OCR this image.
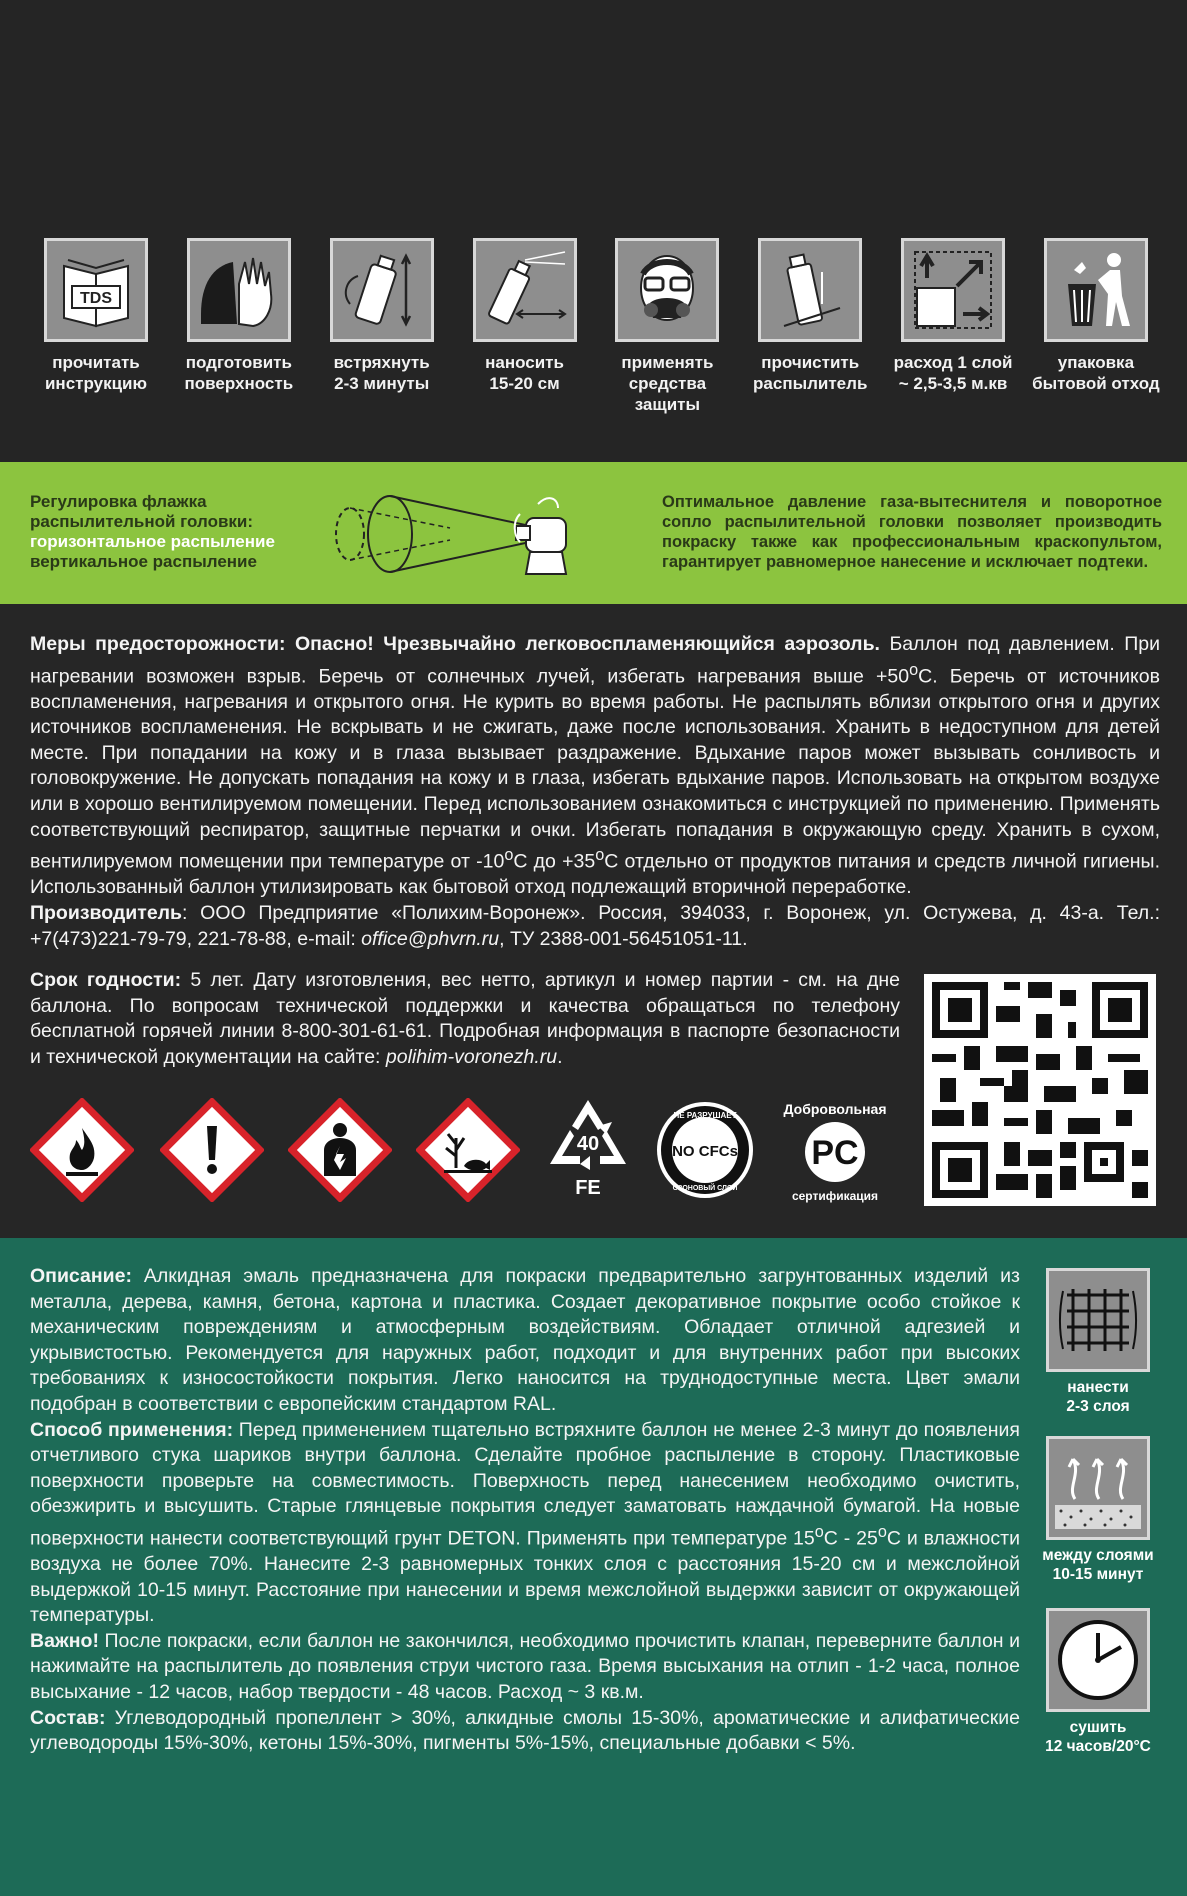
TDS
прочитать
инструкцию
подготовить
поверхность
встряхнуть
2-3 минуты
наносить
15-20 см
применять
средства защиты
прочистить
распылитель
расход 1 слой
~ 2,5-3,5 м.кв
упаковка
бытовой отход
Регулировка флажка
распылительной головки:
горизонтальное распыление
вертикальное распыление
Оптимальное давление газа-вытеснителя и поворотное сопло распылительной головки позволяет производить покраску также как профессиональным краскопультом, гарантирует равномерное нанесение и исключает подтеки.
Меры предосторожности: Опасно! Чрезвычайно легковоспламеняющийся аэрозоль. Баллон под давлением. При нагревании возможен взрыв. Беречь от солнечных лучей, избегать нагревания выше $+50^oС$. Беречь от источников воспламенения, нагревания и открытого огня. Не курить во время работы. Не распылять вблизи открытого огня и других источников воспламенения. Не вскрывать и не сжигать, даже после использования. Хранить в недоступном для детей месте. При попадании на кожу и в глаза вызывает раздражение. Вдыхание паров может вызывать сонливость и головокружение. Не допускать попадания на кожу и в глаза, избегать вдыхание паров. Использовать на открытом воздухе или в хорошо вентилируемом помещении. Перед использованием ознакомиться с инструкцией по применению. Применять соответствующий респиратор, защитные перчатки и очки. Избегать попадания в окружающую среду. Хранить в сухом, вентилируемом помещении при температуре от -10$^o$С до $+35^oС$ отдельно от продуктов питания и средств личной гигиены. Использованный баллон утилизировать как бытовой отход подлежащий вторичной переработке.
Производитель: ООО Предприятие «Полихим-Воронеж». Россия, 394033, г. Воронеж, ул. Остужева, д. 43-а. Тел.: +7(473)221-79-79, 221-78-88, e-mail: office@phvrn.ru, ТУ 2388-001-56451051-11.
Срок годности: 5 лет. Дату изготовления, вес нетто, артикул и номер партии - см. на дне баллона. По вопросам технической поддержки и качества обращаться по телефону бесплатной горячей линии 8-800-301-61-61. Подробная информация в паспорте безопасности и технической документации на сайте: polihim-voronezh.ru.
40
FE
NO CFCs
НЕ РАЗРУШАЕТ
ОЗОНОВЫЙ СЛОЙ
PC
Добровольная
сертификация
Описание: Алкидная эмаль предназначена для покраски предварительно загрунтованных изделий из металла, дерева, камня, бетона, картона и пластика. Создает декоративное покрытие особо стойкое к механическим повреждениям и атмосферным воздействиям. Обладает отличной адгезией и укрывистостью. Рекомендуется для наружных работ, подходит и для внутренних работ при высоких требованиях к износостойкости покрытия. Легко наносится на труднодоступные места. Цвет эмали подобран в соответствии с европейским стандартом RAL.
Способ применения: Перед применением тщательно встряхните баллон не менее 2-3 минут до появления отчетливого стука шариков внутри баллона. Сделайте пробное распыление в сторону. Пластиковые поверхности проверьте на совместимость. Поверхность перед нанесением необходимо очистить, обезжирить и высушить. Старые глянцевые покрытия следует заматовать наждачной бумагой. На новые поверхности нанести соответствующий грунт DETON. Применять при температуре 15$^o$С - 25$^o$С и влажности воздуха не более 70%. Нанесите 2-3 равномерных тонких слоя с расстояния 15-20 см и межслойной выдержкой 10-15 минут. Расстояние при нанесении и время межслойной выдержки зависит от окружающей температуры.
Важно! После покраски, если баллон не закончился, необходимо прочистить клапан, переверните баллон и нажимайте на распылитель до появления струи чистого газа. Время высыхания на отлип - 1-2 часа, полное высыхание - 12 часов, набор твердости - 48 часов. Расход ~ 3 кв.м.
Состав: Углеводородный пропеллент > 30%, алкидные смолы 15-30%, ароматические и алифатические углеводороды 15%-30%, кетоны 15%-30%, пигменты 5%-15%, специальные добавки < 5%.
нанести
2-3 слоя
между слоями
10-15 минут
сушить
12 часов/20°С
